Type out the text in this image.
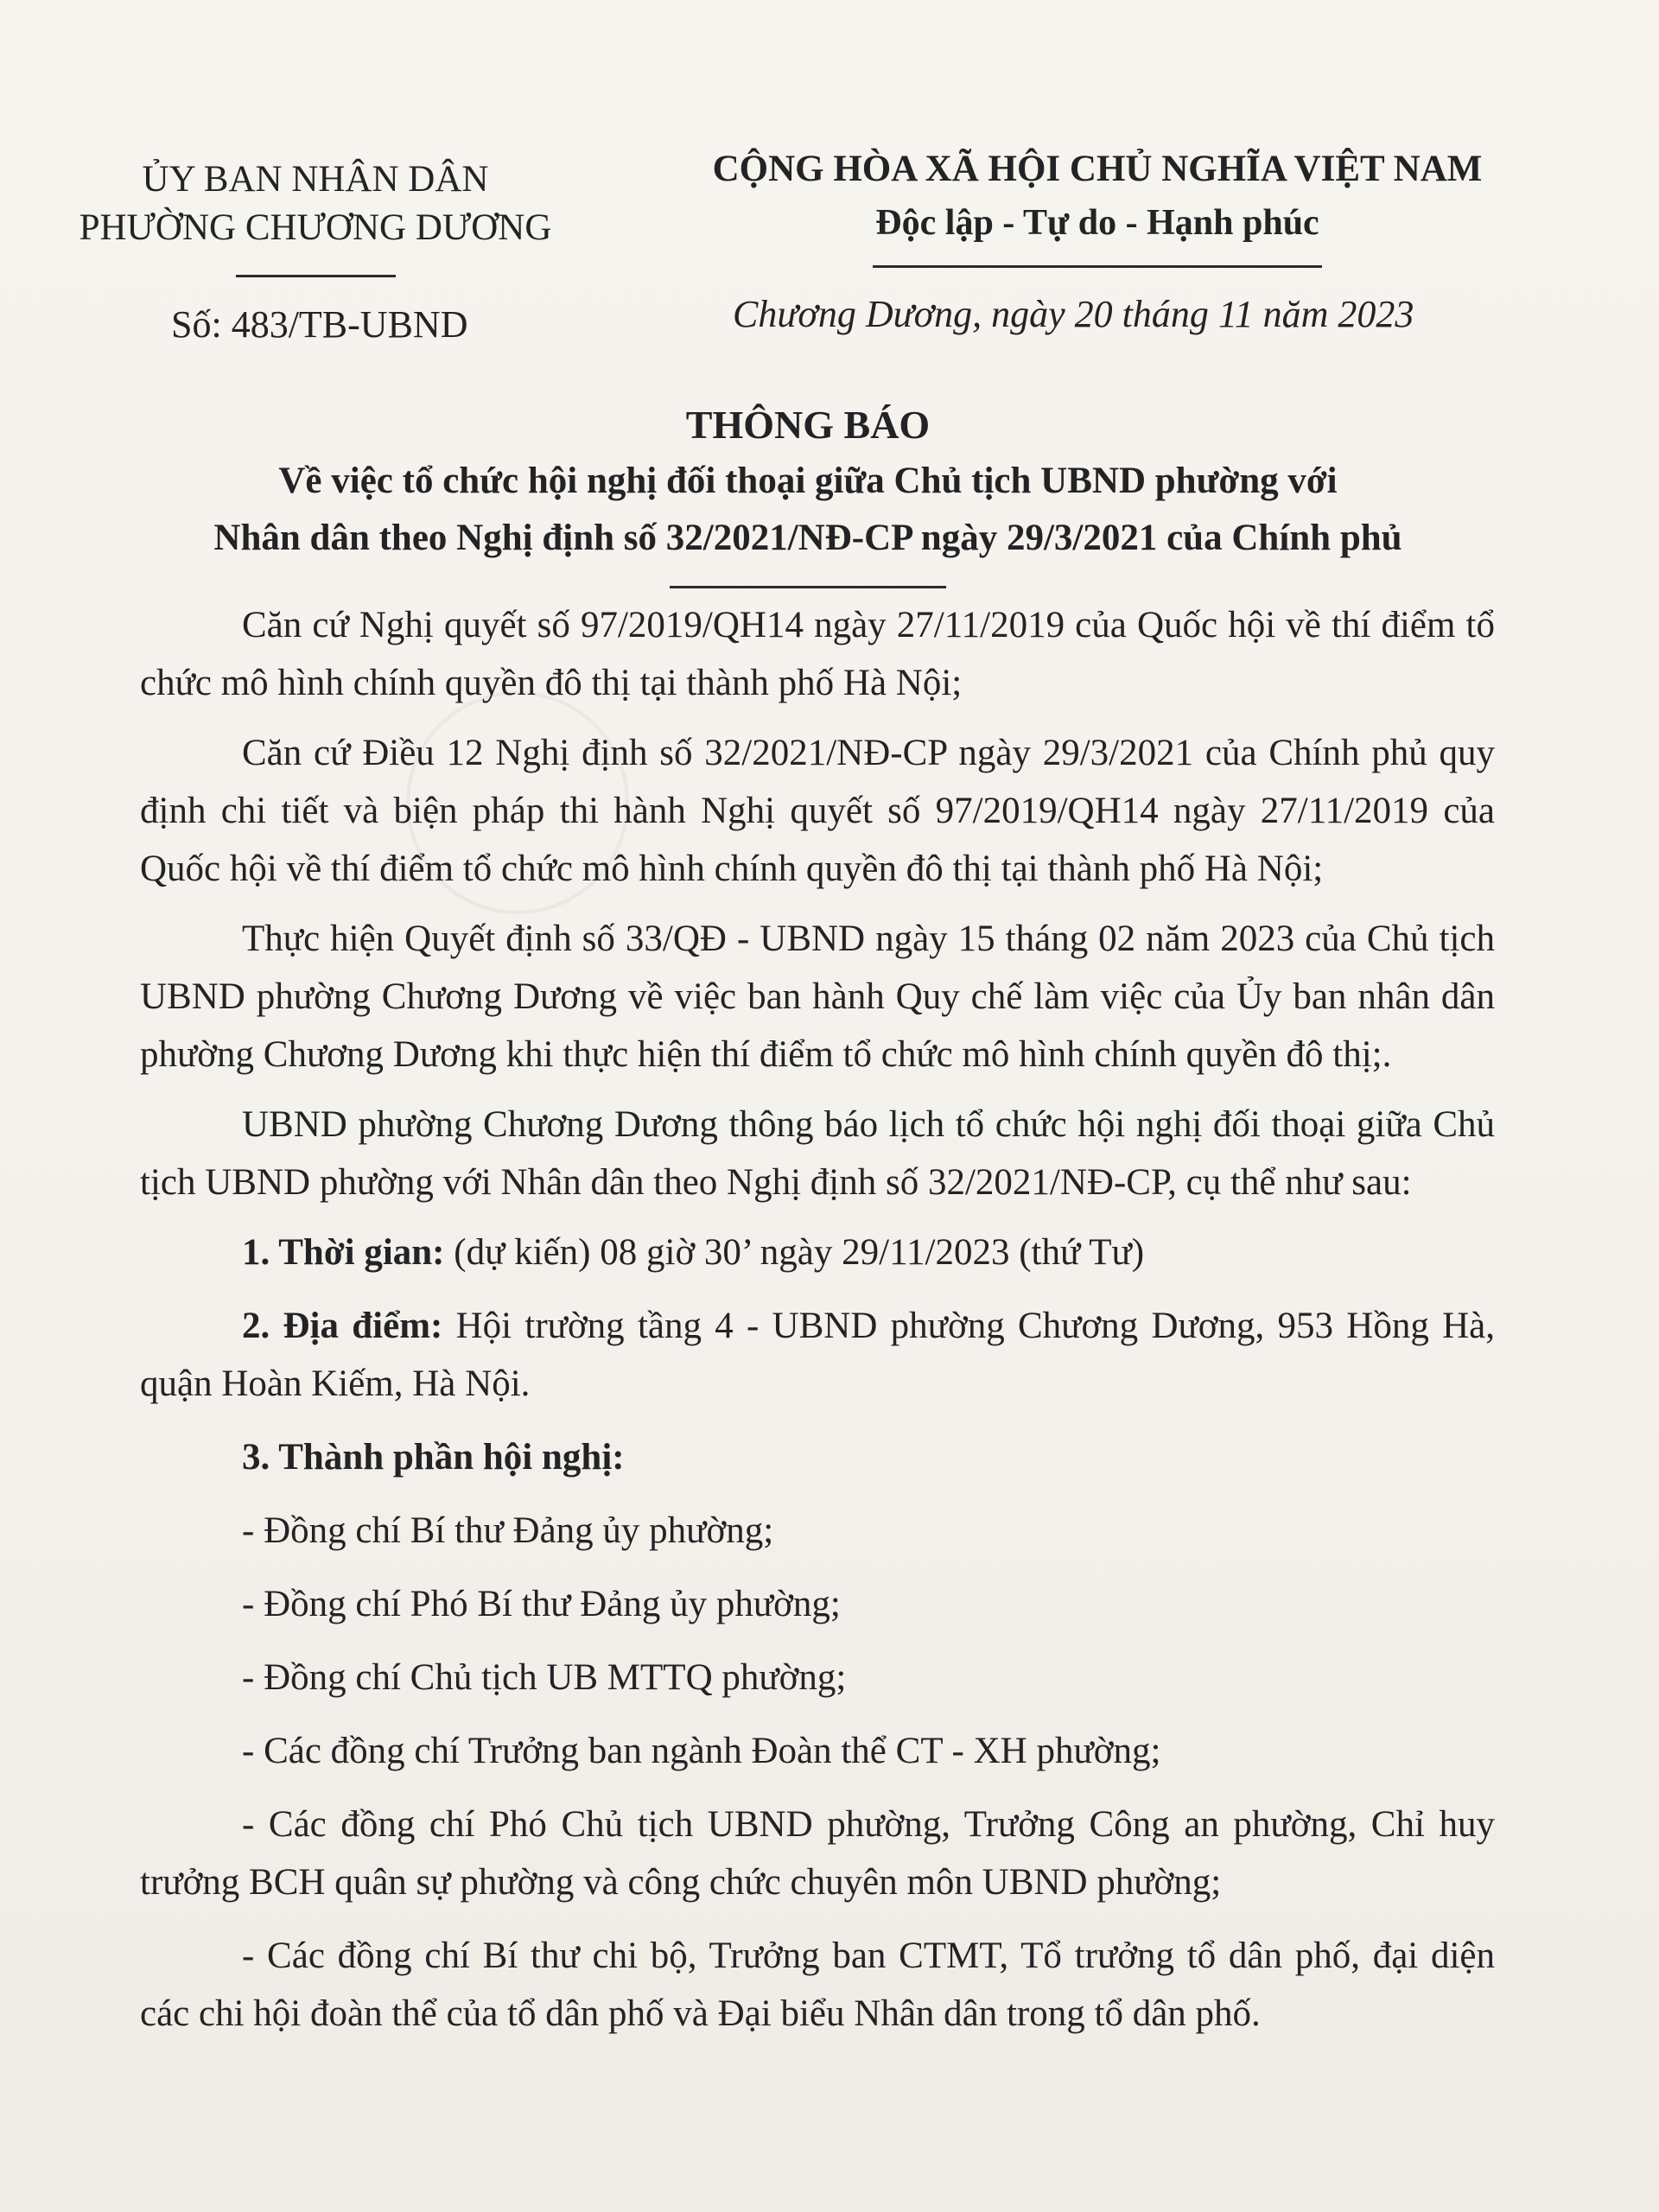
ỦY BAN NHÂN DÂN
PHƯỜNG CHƯƠNG DƯƠNG
CỘNG HÒA XÃ HỘI CHỦ NGHĨA VIỆT NAM
Độc lập - Tự do - Hạnh phúc
Số: 483/TB-UBND	Chương Dương, ngày 20 tháng 11 năm 2023
THÔNG BÁO
Về việc tổ chức hội nghị đối thoại giữa Chủ tịch UBND phường với
Nhân dân theo Nghị định số 32/2021/NĐ-CP ngày 29/3/2021 của Chính phủ

Căn cứ Nghị quyết số 97/2019/QH14 ngày 27/11/2019 của Quốc hội về thí điểm tổ chức mô hình chính quyền đô thị tại thành phố Hà Nội;

Căn cứ Điều 12 Nghị định số 32/2021/NĐ-CP ngày 29/3/2021 của Chính phủ quy định chi tiết và biện pháp thi hành Nghị quyết số 97/2019/QH14 ngày 27/11/2019 của Quốc hội về thí điểm tổ chức mô hình chính quyền đô thị tại thành phố Hà Nội;

Thực hiện Quyết định số 33/QĐ - UBND ngày 15 tháng 02 năm 2023 của Chủ tịch UBND phường Chương Dương về việc ban hành Quy chế làm việc của Ủy ban nhân dân phường Chương Dương khi thực hiện thí điểm tổ chức mô hình chính quyền đô thị;.

UBND phường Chương Dương thông báo lịch tổ chức hội nghị đối thoại giữa Chủ tịch UBND phường với Nhân dân theo Nghị định số 32/2021/NĐ-CP, cụ thể như sau:

1. Thời gian: (dự kiến) 08 giờ 30’ ngày 29/11/2023 (thứ Tư)

2. Địa điểm: Hội trường tầng 4 - UBND phường Chương Dương, 953 Hồng Hà, quận Hoàn Kiếm, Hà Nội.

3. Thành phần hội nghị:

- Đồng chí Bí thư Đảng ủy phường;

- Đồng chí Phó Bí thư Đảng ủy phường;

- Đồng chí Chủ tịch UB MTTQ phường;

- Các đồng chí Trưởng ban ngành Đoàn thể CT - XH phường;

- Các đồng chí Phó Chủ tịch UBND phường, Trưởng Công an phường, Chỉ huy trưởng BCH quân sự phường và công chức chuyên môn UBND phường;

- Các đồng chí Bí thư chi bộ, Trưởng ban CTMT, Tổ trưởng tổ dân phố, đại diện các chi hội đoàn thể của tổ dân phố và Đại biểu Nhân dân trong tổ dân phố.
